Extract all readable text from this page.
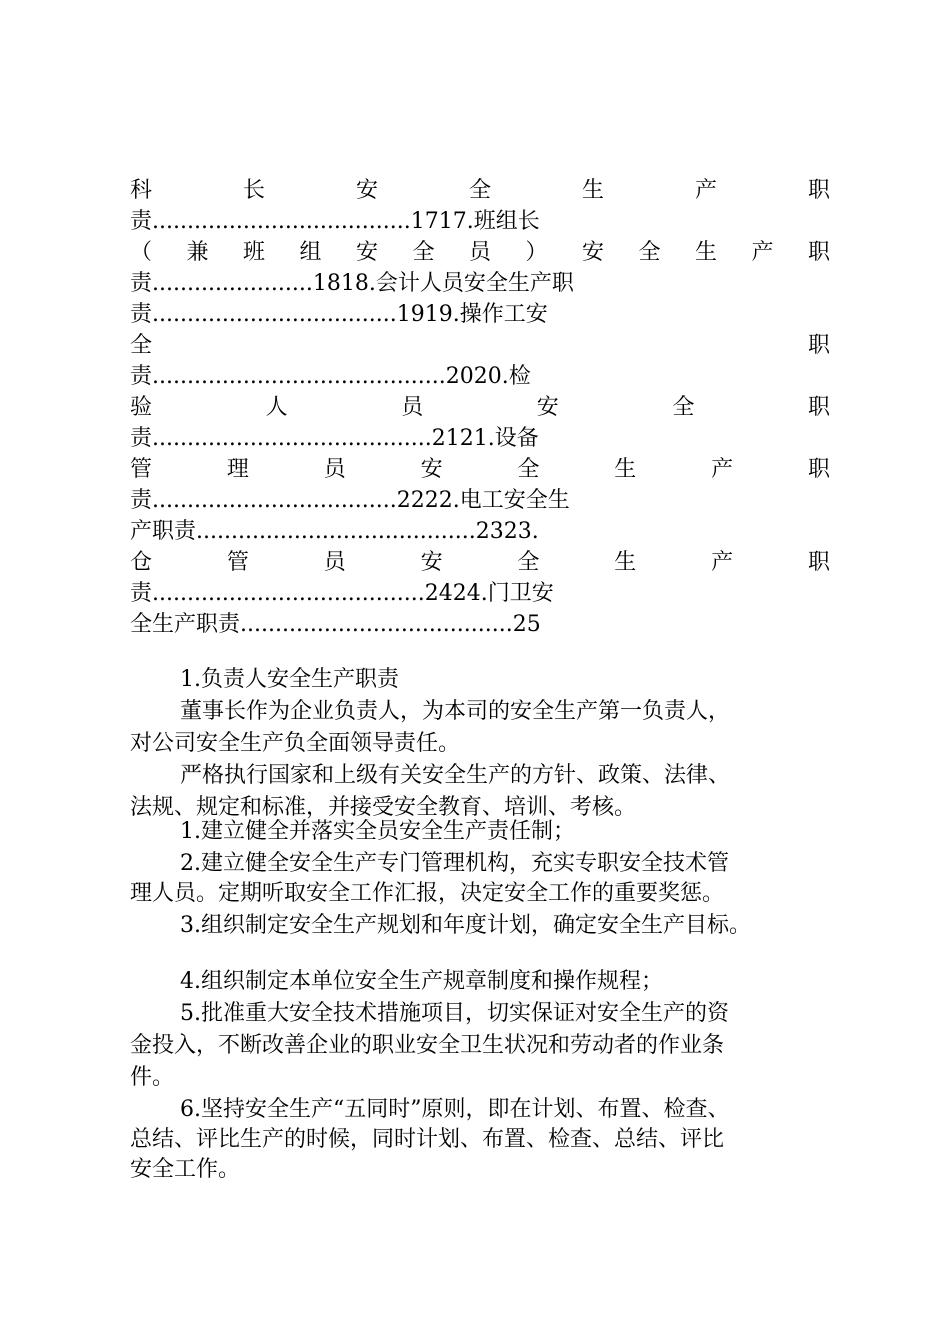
科 长 安 全 生 产 职
责.....................................1717.班组长
（ 兼 班 组 安 全 员 ） 安 全 生 产 职
责.......................1818.会计人员安全生产职
责...................................1919.操作工安
全 职
责..........................................2020.检
验 人 员 安 全 职
责........................................2121.设备
管 理 员 安 全 生 产 职
责...................................2222.电工安全生
产职责........................................2323.
仓 管 员 安 全 生 产 职
责.......................................2424.门卫安
全生产职责.......................................25
1.负责人安全生产职责
董事长作为企业负责人，为本司的安全生产第一负责人，
对公司安全生产负全面领导责任。
严格执行国家和上级有关安全生产的方针、政策、法律、
法规、规定和标准，并接受安全教育、培训、考核。
1.建立健全并落实全员安全生产责任制；
2.建立健全安全生产专门管理机构，充实专职安全技术管
理人员。定期听取安全工作汇报，决定安全工作的重要奖惩。
3.组织制定安全生产规划和年度计划，确定安全生产目标。
4.组织制定本单位安全生产规章制度和操作规程；
5.批准重大安全技术措施项目，切实保证对安全生产的资
金投入，不断改善企业的职业安全卫生状况和劳动者的作业条
件。
6.坚持安全生产“五同时”原则，即在计划、布置、检查、
总结、评比生产的时候，同时计划、布置、检查、总结、评比
安全工作。
